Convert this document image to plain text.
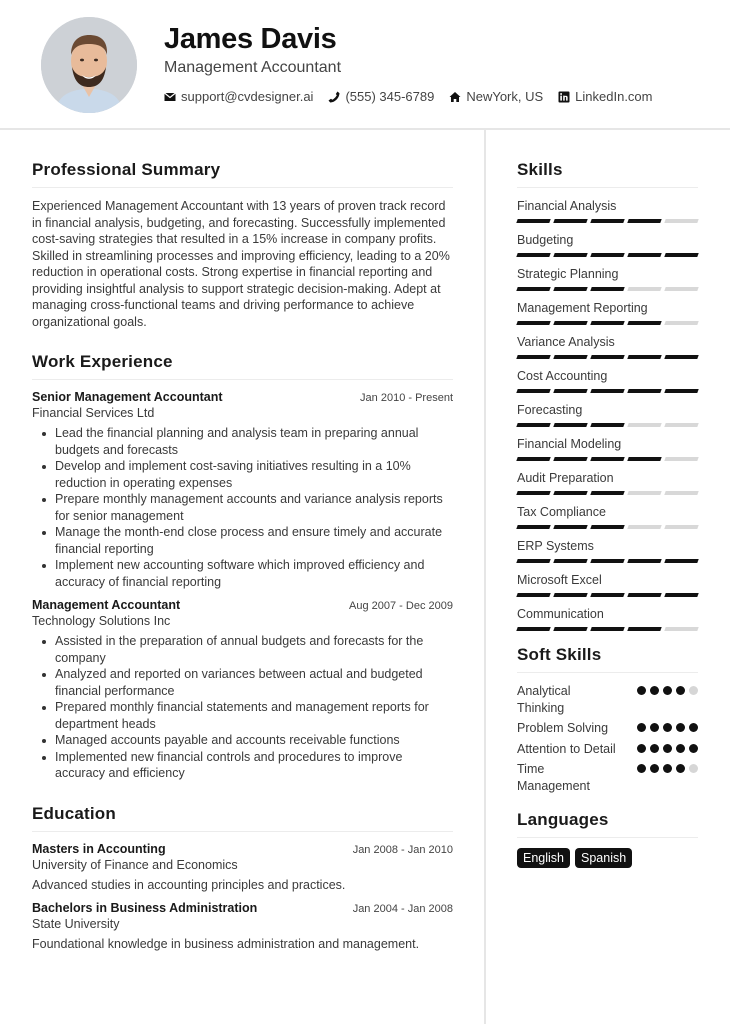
James Davis
Management Accountant
support@cvdesigner.ai (555) 345-6789 NewYork, US LinkedIn.com
Professional Summary

Experienced Management Accountant with 13 years of proven track record in financial analysis, budgeting, and forecasting. Successfully implemented cost-saving strategies that resulted in a 15% increase in company profits. Skilled in streamlining processes and improving efficiency, leading to a 20% reduction in operational costs. Strong expertise in financial reporting and providing insightful analysis to support strategic decision-making. Adept at managing cross-functional teams and driving performance to achieve organizational goals.

Work Experience
Senior Management Accountant	Jan 2010 - Present
Financial Services Ltd
Lead the financial planning and analysis team in preparing annual budgets and forecasts
Develop and implement cost-saving initiatives resulting in a 10% reduction in operating expenses
Prepare monthly management accounts and variance analysis reports for senior management
Manage the month-end close process and ensure timely and accurate financial reporting
Implement new accounting software which improved efficiency and accuracy of financial reporting
Management Accountant	Aug 2007 - Dec 2009
Technology Solutions Inc
Assisted in the preparation of annual budgets and forecasts for the company
Analyzed and reported on variances between actual and budgeted financial performance
Prepared monthly financial statements and management reports for department heads
Managed accounts payable and accounts receivable functions
Implemented new financial controls and procedures to improve accuracy and efficiency
Education
Masters in Accounting	Jan 2008 - Jan 2010
University of Finance and Economics
Advanced studies in accounting principles and practices.
Bachelors in Business Administration	Jan 2004 - Jan 2008
State University
Foundational knowledge in business administration and management.
Skills
Financial Analysis
Budgeting
Strategic Planning
Management Reporting
Variance Analysis
Cost Accounting
Forecasting
Financial Modeling
Audit Preparation
Tax Compliance
ERP Systems
Microsoft Excel
Communication
Soft Skills
Analytical Thinking
Problem Solving
Attention to Detail
Time Management
Languages
English	Spanish
